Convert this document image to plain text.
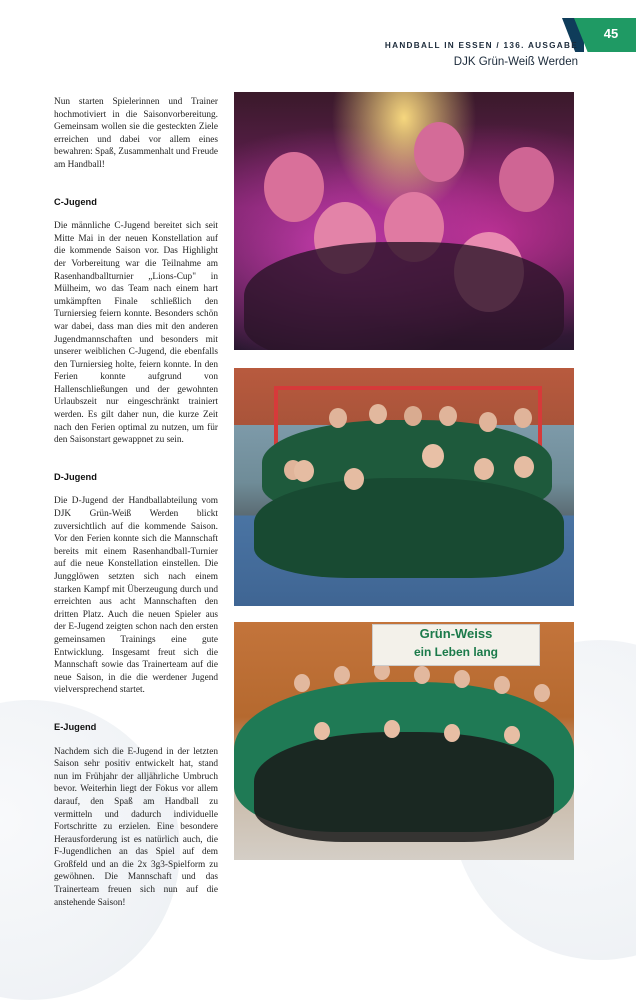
45
HANDBALL IN ESSEN / 136. AUSGABE
DJK Grün-Weiß Werden

Nun starten Spielerinnen und Trainer hochmotiviert in die Saisonvorbereitung. Gemeinsam wollen sie die gesteckten Ziele erreichen und dabei vor allem eines bewahren: Spaß, Zusammenhalt und Freude am Handball!

C-Jugend

Die männliche C-Jugend bereitet sich seit Mitte Mai in der neuen Konstellation auf die kommende Saison vor. Das Highlight der Vorbereitung war die Teilnahme am Rasenhandballturnier „Lions-Cup" in Mülheim, wo das Team nach einem hart umkämpften Finale schließlich den Turniersieg feiern konnte. Besonders schön war dabei, dass man dies mit den anderen Jugendmannschaften und besonders mit unserer weiblichen C-Jugend, die ebenfalls den Turniersieg holte, feiern konnte. In den Ferien konnte aufgrund von Hallenschließungen und der gewohnten Urlaubszeit nur eingeschränkt trainiert werden. Es gilt daher nun, die kurze Zeit nach den Ferien optimal zu nutzen, um für den Saisonstart gewappnet zu sein.

D-Jugend

Die D-Jugend der Handballabteilung vom DJK Grün-Weiß Werden blickt zuversichtlich auf die kommende Saison. Vor den Ferien konnte sich die Mannschaft bereits mit einem Rasenhandball-Turnier auf die neue Konstellation einstellen. Die Jungglöwen setzten sich nach einem starken Kampf mit Überzeugung durch und erreichten aus acht Mannschaften den dritten Platz. Auch die neuen Spieler aus der E-Jugend zeigten schon nach den ersten gemeinsamen Trainings eine gute Entwicklung. Insgesamt freut sich die Mannschaft sowie das Trainerteam auf die neue Saison, in die die werdener Jugend vielversprechend startet.

E-Jugend

Nachdem sich die E-Jugend in der letzten Saison sehr positiv entwickelt hat, stand nun im Frühjahr der alljährliche Umbruch bevor. Weiterhin liegt der Fokus vor allem darauf, den Spaß am Handball zu vermitteln und dadurch individuelle Fortschritte zu erzielen. Eine besondere Herausforderung ist es natürlich auch, die F-Jugendlichen an das Spiel auf dem Großfeld und an die 2x 3g3-Spielform zu gewöhnen. Die Mannschaft und das Trainerteam freuen sich nun auf die anstehende Saison!

Grün-Weiss
ein Leben lang
